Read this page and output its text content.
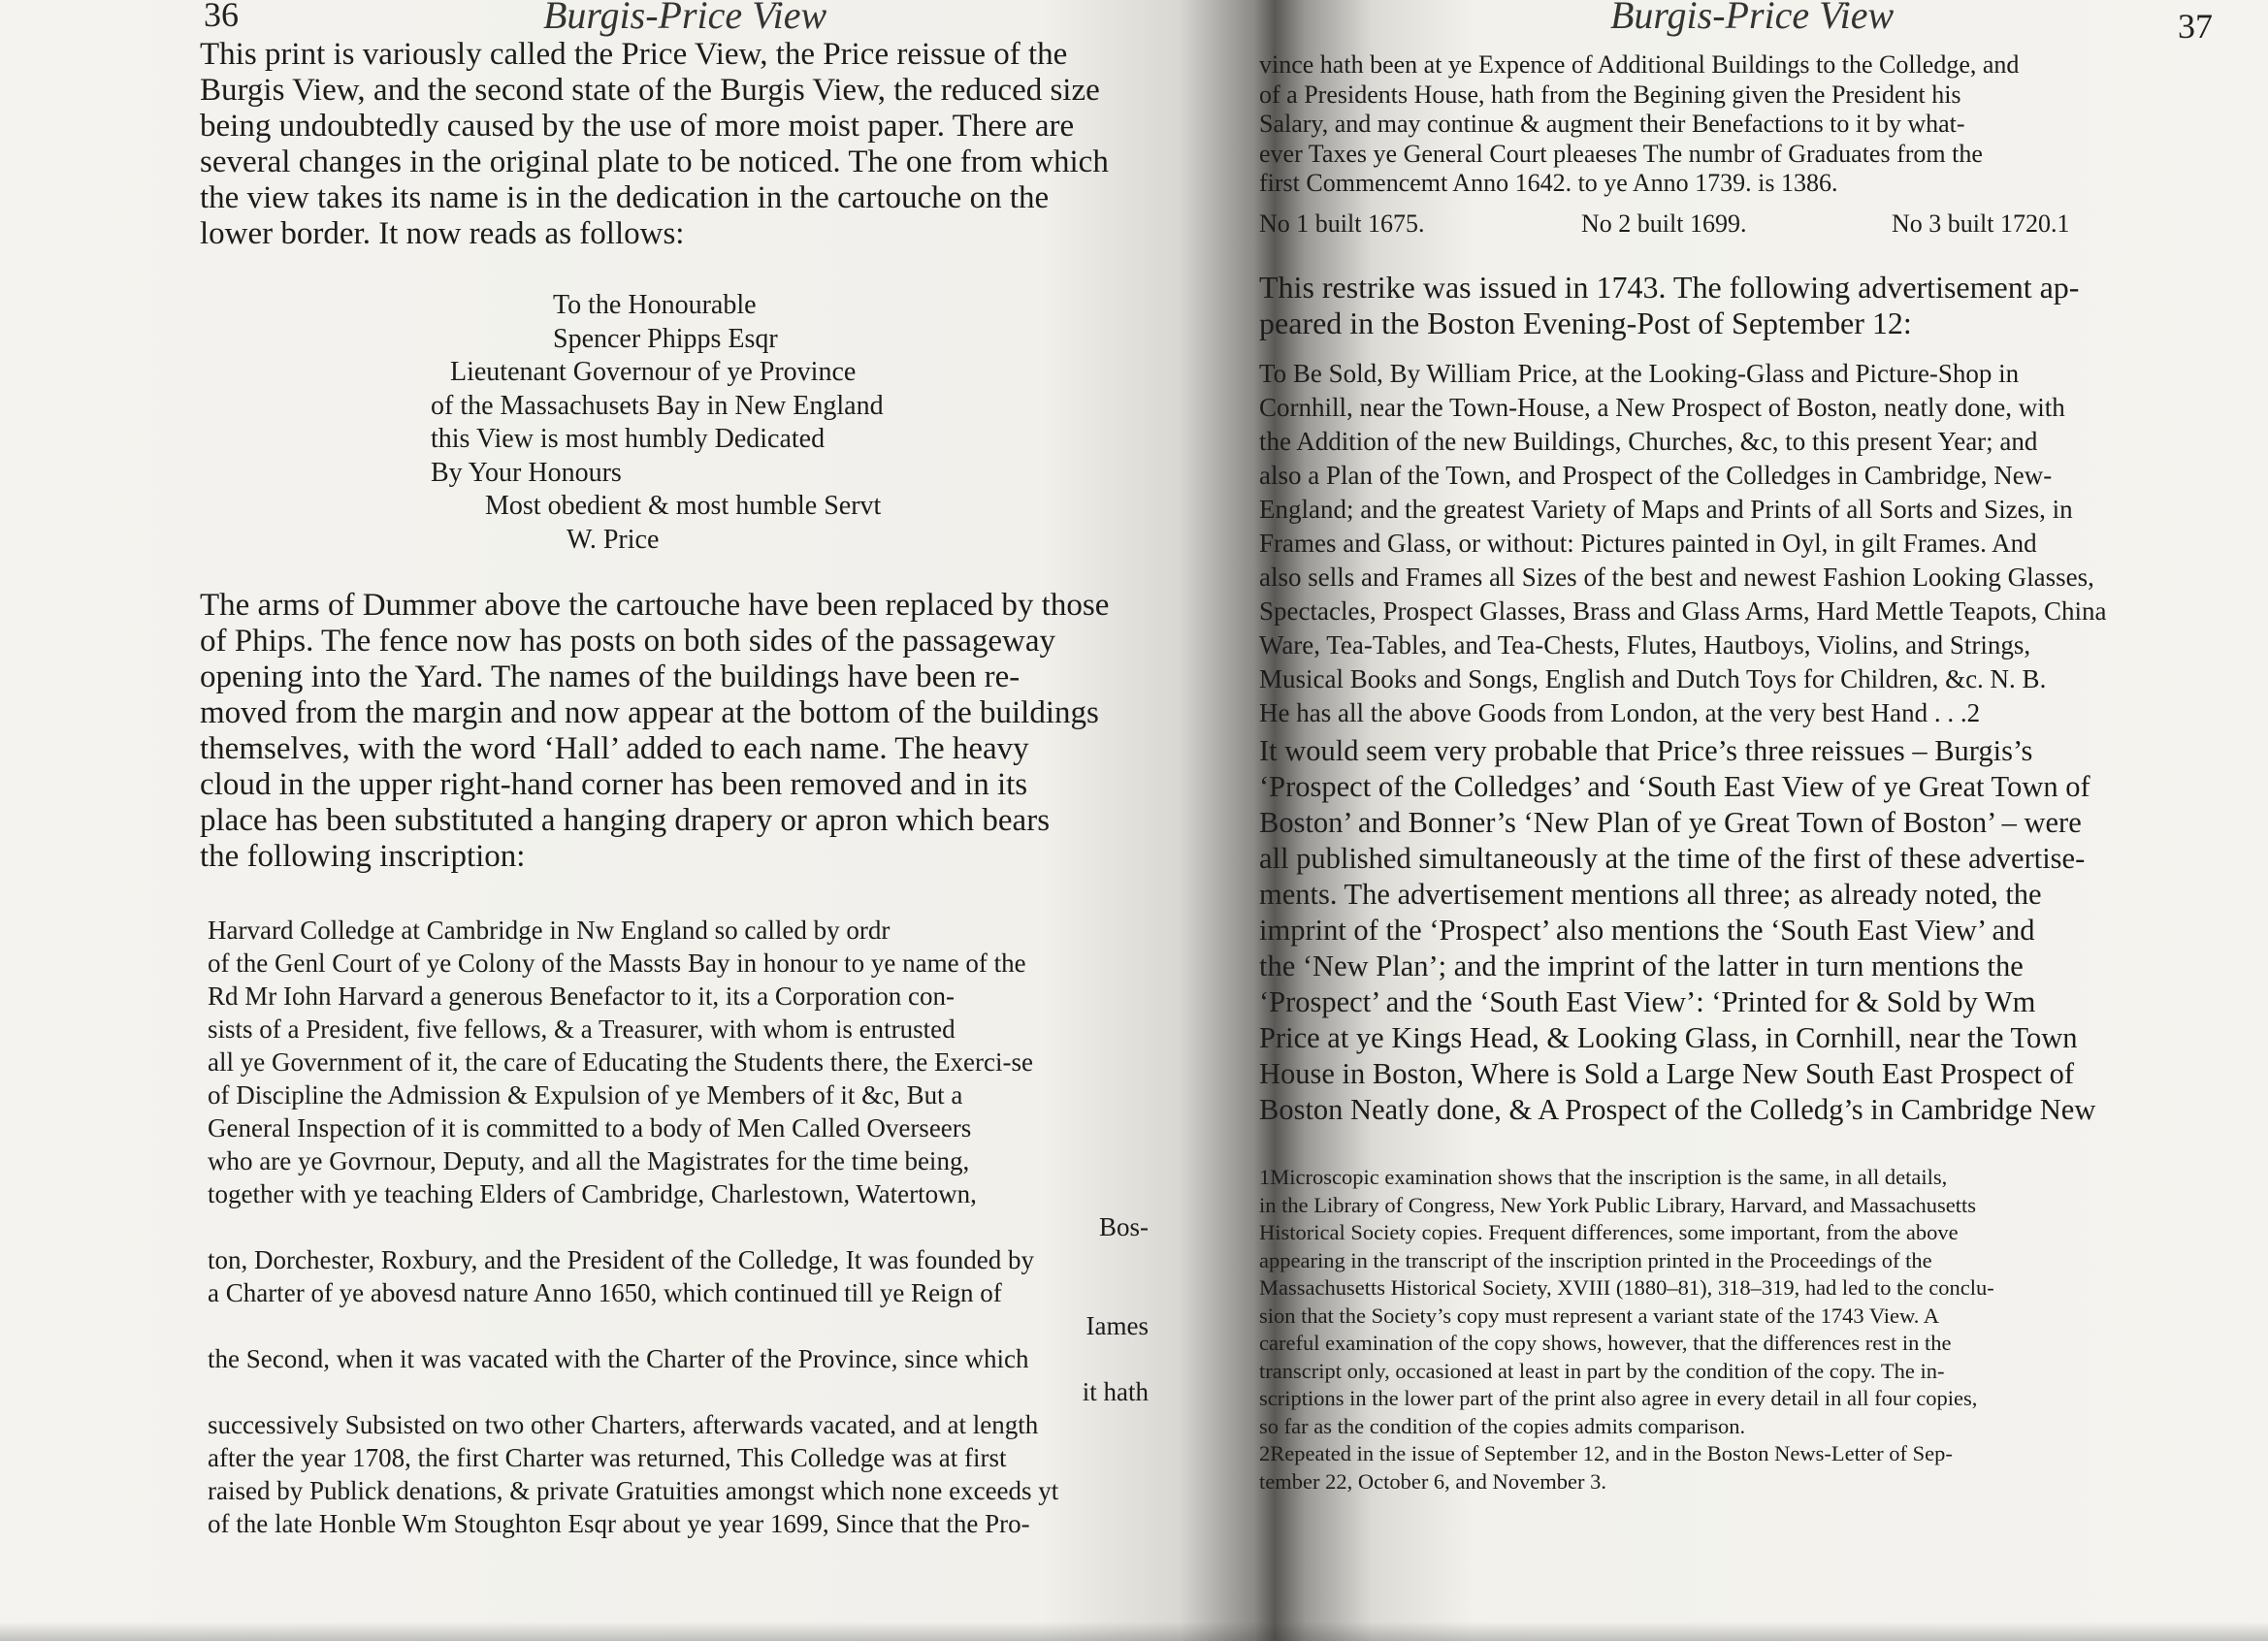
36	Burgis-Price View
This print is variously called the Price View, the Price reissue of the
Burgis View, and the second state of the Burgis View, the reduced size
being undoubtedly caused by the use of more moist paper. There are
several changes in the original plate to be noticed. The one from which
the view takes its name is in the dedication in the cartouche on the
lower border. It now reads as follows:
To the Honourable
Spencer Phipps Esqr
Lieutenant Governour of ye Province
of the Massachusets Bay in New England
this View is most humbly Dedicated
By Your Honours
Most obedient & most humble Servt
W. Price
The arms of Dummer above the cartouche have been replaced by those
of Phips. The fence now has posts on both sides of the passageway
opening into the Yard. The names of the buildings have been re-
moved from the margin and now appear at the bottom of the buildings
themselves, with the word ‘Hall’ added to each name. The heavy
cloud in the upper right-hand corner has been removed and in its
place has been substituted a hanging drapery or apron which bears
the following inscription:
Harvard Colledge at Cambridge in Nw England so called by ordr
of the Genl Court of ye Colony of the Massts Bay in honour to ye name of the
Rd Mr Iohn Harvard a generous Benefactor to it, its a Corporation con-
sists of a President, five fellows, & a Treasurer, with whom is entrusted
all ye Government of it, the care of Educating the Students there, the Exerci-se
of Discipline the Admission & Expulsion of ye Members of it &c, But a
General Inspection of it is committed to a body of Men Called Overseers
who are ye Govrnour, Deputy, and all the Magistrates for the time being,
together with ye teaching Elders of Cambridge, Charlestown, Watertown,
Bos-
ton, Dorchester, Roxbury, and the President of the Colledge, It was founded by
a Charter of ye abovesd nature Anno 1650, which continued till ye Reign of
Iames
the Second, when it was vacated with the Charter of the Province, since which
it hath
successively Subsisted on two other Charters, afterwards vacated, and at length
after the year 1708, the first Charter was returned, This Colledge was at first
raised by Publick denations, & private Gratuities amongst which none exceeds yt
of the late Honble Wm Stoughton Esqr about ye year 1699, Since that the Pro-
Burgis-Price View	37
vince hath been at ye Expence of Additional Buildings to the Colledge, and
of a Presidents House, hath from the Begining given the President his
Salary, and may continue & augment their Benefactions to it by what-
ever Taxes ye General Court pleaeses The numbr of Graduates from the
first Commencemt Anno 1642. to ye Anno 1739. is 1386.
No 1 built 1675.	No 2 built 1699.	No 3 built 1720.1
This restrike was issued in 1743. The following advertisement ap-
peared in the Boston Evening-Post of September 12:
To Be Sold, By William Price, at the Looking-Glass and Picture-Shop in
Cornhill, near the Town-House, a New Prospect of Boston, neatly done, with
the Addition of the new Buildings, Churches, &c, to this present Year; and
also a Plan of the Town, and Prospect of the Colledges in Cambridge, New-
England; and the greatest Variety of Maps and Prints of all Sorts and Sizes, in
Frames and Glass, or without: Pictures painted in Oyl, in gilt Frames. And
also sells and Frames all Sizes of the best and newest Fashion Looking Glasses,
Spectacles, Prospect Glasses, Brass and Glass Arms, Hard Mettle Teapots, China
Ware, Tea-Tables, and Tea-Chests, Flutes, Hautboys, Violins, and Strings,
Musical Books and Songs, English and Dutch Toys for Children, &c. N. B.
He has all the above Goods from London, at the very best Hand . . .2
It would seem very probable that Price’s three reissues – Burgis’s
‘Prospect of the Colledges’ and ‘South East View of ye Great Town of
Boston’ and Bonner’s ‘New Plan of ye Great Town of Boston’ – were
all published simultaneously at the time of the first of these advertise-
ments. The advertisement mentions all three; as already noted, the
imprint of the ‘Prospect’ also mentions the ‘South East View’ and
the ‘New Plan’; and the imprint of the latter in turn mentions the
‘Prospect’ and the ‘South East View’: ‘Printed for & Sold by Wm
Price at ye Kings Head, & Looking Glass, in Cornhill, near the Town
House in Boston, Where is Sold a Large New South East Prospect of
Boston Neatly done, & A Prospect of the Colledg’s in Cambridge New
1Microscopic examination shows that the inscription is the same, in all details,
in the Library of Congress, New York Public Library, Harvard, and Massachusetts
Historical Society copies. Frequent differences, some important, from the above
appearing in the transcript of the inscription printed in the Proceedings of the
Massachusetts Historical Society, XVIII (1880–81), 318–319, had led to the conclu-
sion that the Society’s copy must represent a variant state of the 1743 View. A
careful examination of the copy shows, however, that the differences rest in the
transcript only, occasioned at least in part by the condition of the copy. The in-
scriptions in the lower part of the print also agree in every detail in all four copies,
so far as the condition of the copies admits comparison.
2Repeated in the issue of September 12, and in the Boston News-Letter of Sep-
tember 22, October 6, and November 3.
